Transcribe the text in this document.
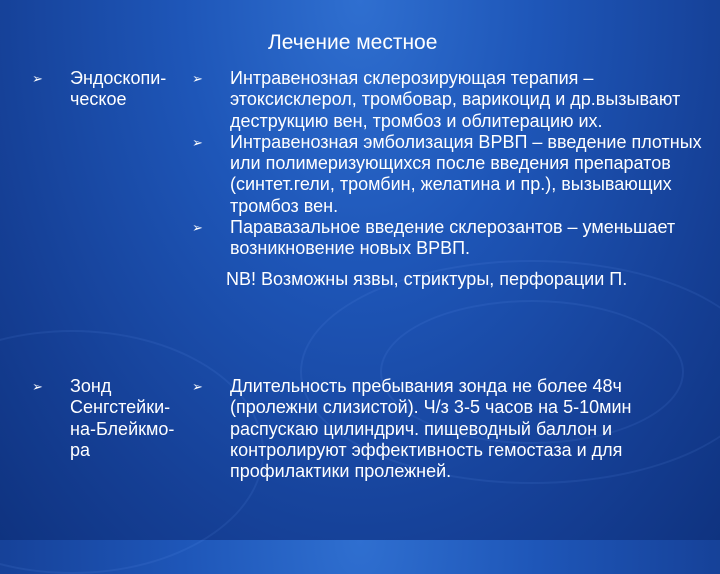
Лечение местное
➢	Эндоскопи-ческое
➢ Интравенозная склерозирующая терапия – этоксисклерол, тромбовар, варикоцид и др.вызывают деструкцию вен, тромбоз и облитерацию их.
➢ Интравенозная эмболизация ВРВП – введение плотных или полимеризующихся после введения препаратов (синтет.гели, тромбин, желатина и пр.), вызывающих тромбоз вен.
➢ Паравазальное введение склерозантов – уменьшает возникновение новых ВРВП.
NB! Возможны язвы, стриктуры, перфорации П.
➢	Зонд Сенгстейки-на-Блейкмо-ра
➢ Длительность пребывания зонда не более 48ч (пролежни слизистой). Ч/з 3-5 часов на 5-10мин распускаю цилиндрич. пищеводный баллон и контролируют эффективность гемостаза и для профилактики пролежней.
